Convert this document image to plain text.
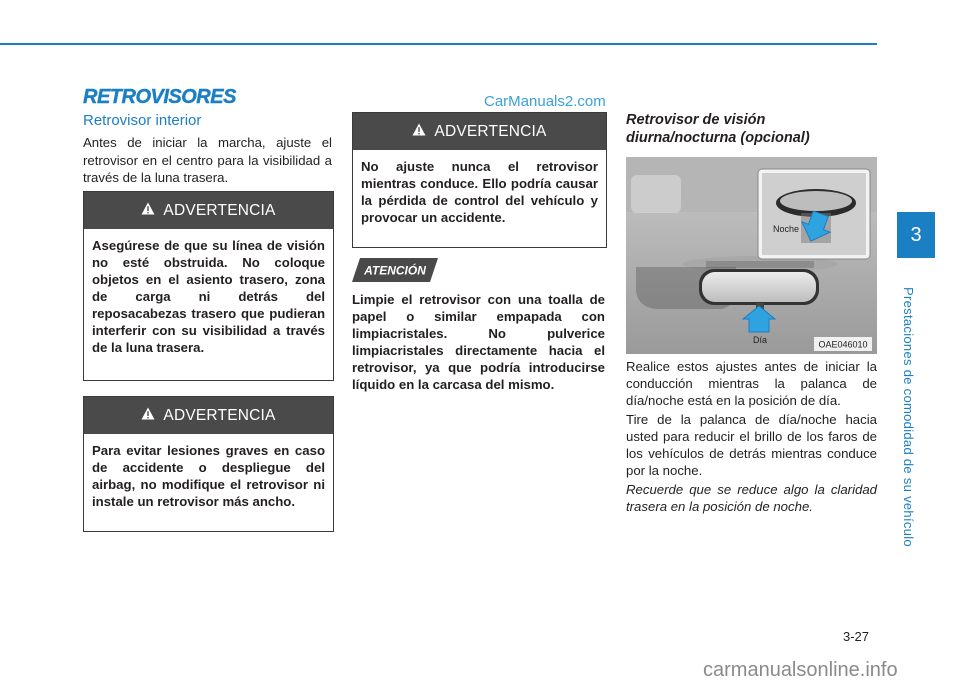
RETROVISORES	CarManuals2.com
Retrovisor interior
Antes de iniciar la marcha, ajuste el retrovisor en el centro para la visibilidad a través de la luna trasera.
ADVERTENCIA
Asegúrese de que su línea de visión no esté obstruida. No coloque objetos en el asiento trasero, zona de carga ni detrás del reposacabezas trasero que pudieran interferir con su visibilidad a través de la luna trasera.
ADVERTENCIA
Para evitar lesiones graves en caso de accidente o despliegue del airbag, no modifique el retrovisor ni instale un retrovisor más ancho.
ADVERTENCIA
No ajuste nunca el retrovisor mientras conduce. Ello podría causar la pérdida de control del vehículo y provocar un accidente.
ATENCIÓN
Limpie el retrovisor con una toalla de papel o similar empapada con limpiacristales. No pulverice limpiacristales directamente hacia el retrovisor, ya que podría introducirse líquido en la carcasa del mismo.
Retrovisor de visión diurna/nocturna (opcional)
Noche
Día	OAE046010
Realice estos ajustes antes de iniciar la conducción mientras la palanca de día/noche está en la posición de día.
Tire de la palanca de día/noche hacia usted para reducir el brillo de los faros de los vehículos de detrás mientras conduce por la noche.
Recuerde que se reduce algo la claridad trasera en la posición de noche.
3
Prestaciones de comodidad de su vehículo
3-27
carmanualsonline.info
